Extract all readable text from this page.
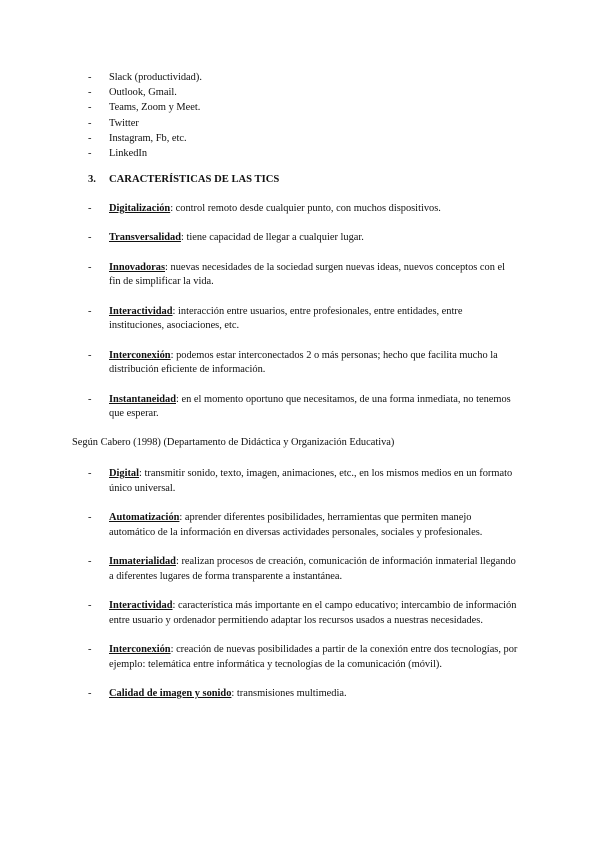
-	Slack (productividad).
-	Outlook, Gmail.
-	Teams, Zoom y Meet.
-	Twitter
-	Instagram, Fb, etc.
-	LinkedIn
3. CARACTERÍSTICAS DE LAS TICS
-	Digitalización: control remoto desde cualquier punto, con muchos dispositivos.
-	Transversalidad: tiene capacidad de llegar a cualquier lugar.
-	Innovadoras: nuevas necesidades de la sociedad surgen nuevas ideas, nuevos conceptos con el fin de simplificar la vida.
-	Interactividad: interacción entre usuarios, entre profesionales, entre entidades, entre instituciones, asociaciones, etc.
-	Interconexión: podemos estar interconectados 2 o más personas; hecho que facilita mucho la distribución eficiente de información.
-	Instantaneidad: en el momento oportuno que necesitamos, de una forma inmediata, no tenemos que esperar.
Según Cabero (1998) (Departamento de Didáctica y Organización Educativa)
-	Digital: transmitir sonido, texto, imagen, animaciones, etc., en los mismos medios en un formato único universal.
-	Automatización: aprender diferentes posibilidades, herramientas que permiten manejo automático de la información en diversas actividades personales, sociales y profesionales.
-	Inmaterialidad: realizan procesos de creación, comunicación de información inmaterial llegando a diferentes lugares de forma transparente a instantánea.
-	Interactividad: característica más importante en el campo educativo; intercambio de información entre usuario y ordenador permitiendo adaptar los recursos usados a nuestras necesidades.
-	Interconexión: creación de nuevas posibilidades a partir de la conexión entre dos tecnologías, por ejemplo: telemática entre informática y tecnologías de la comunicación (móvil).
-	Calidad de imagen y sonido: transmisiones multimedia.
